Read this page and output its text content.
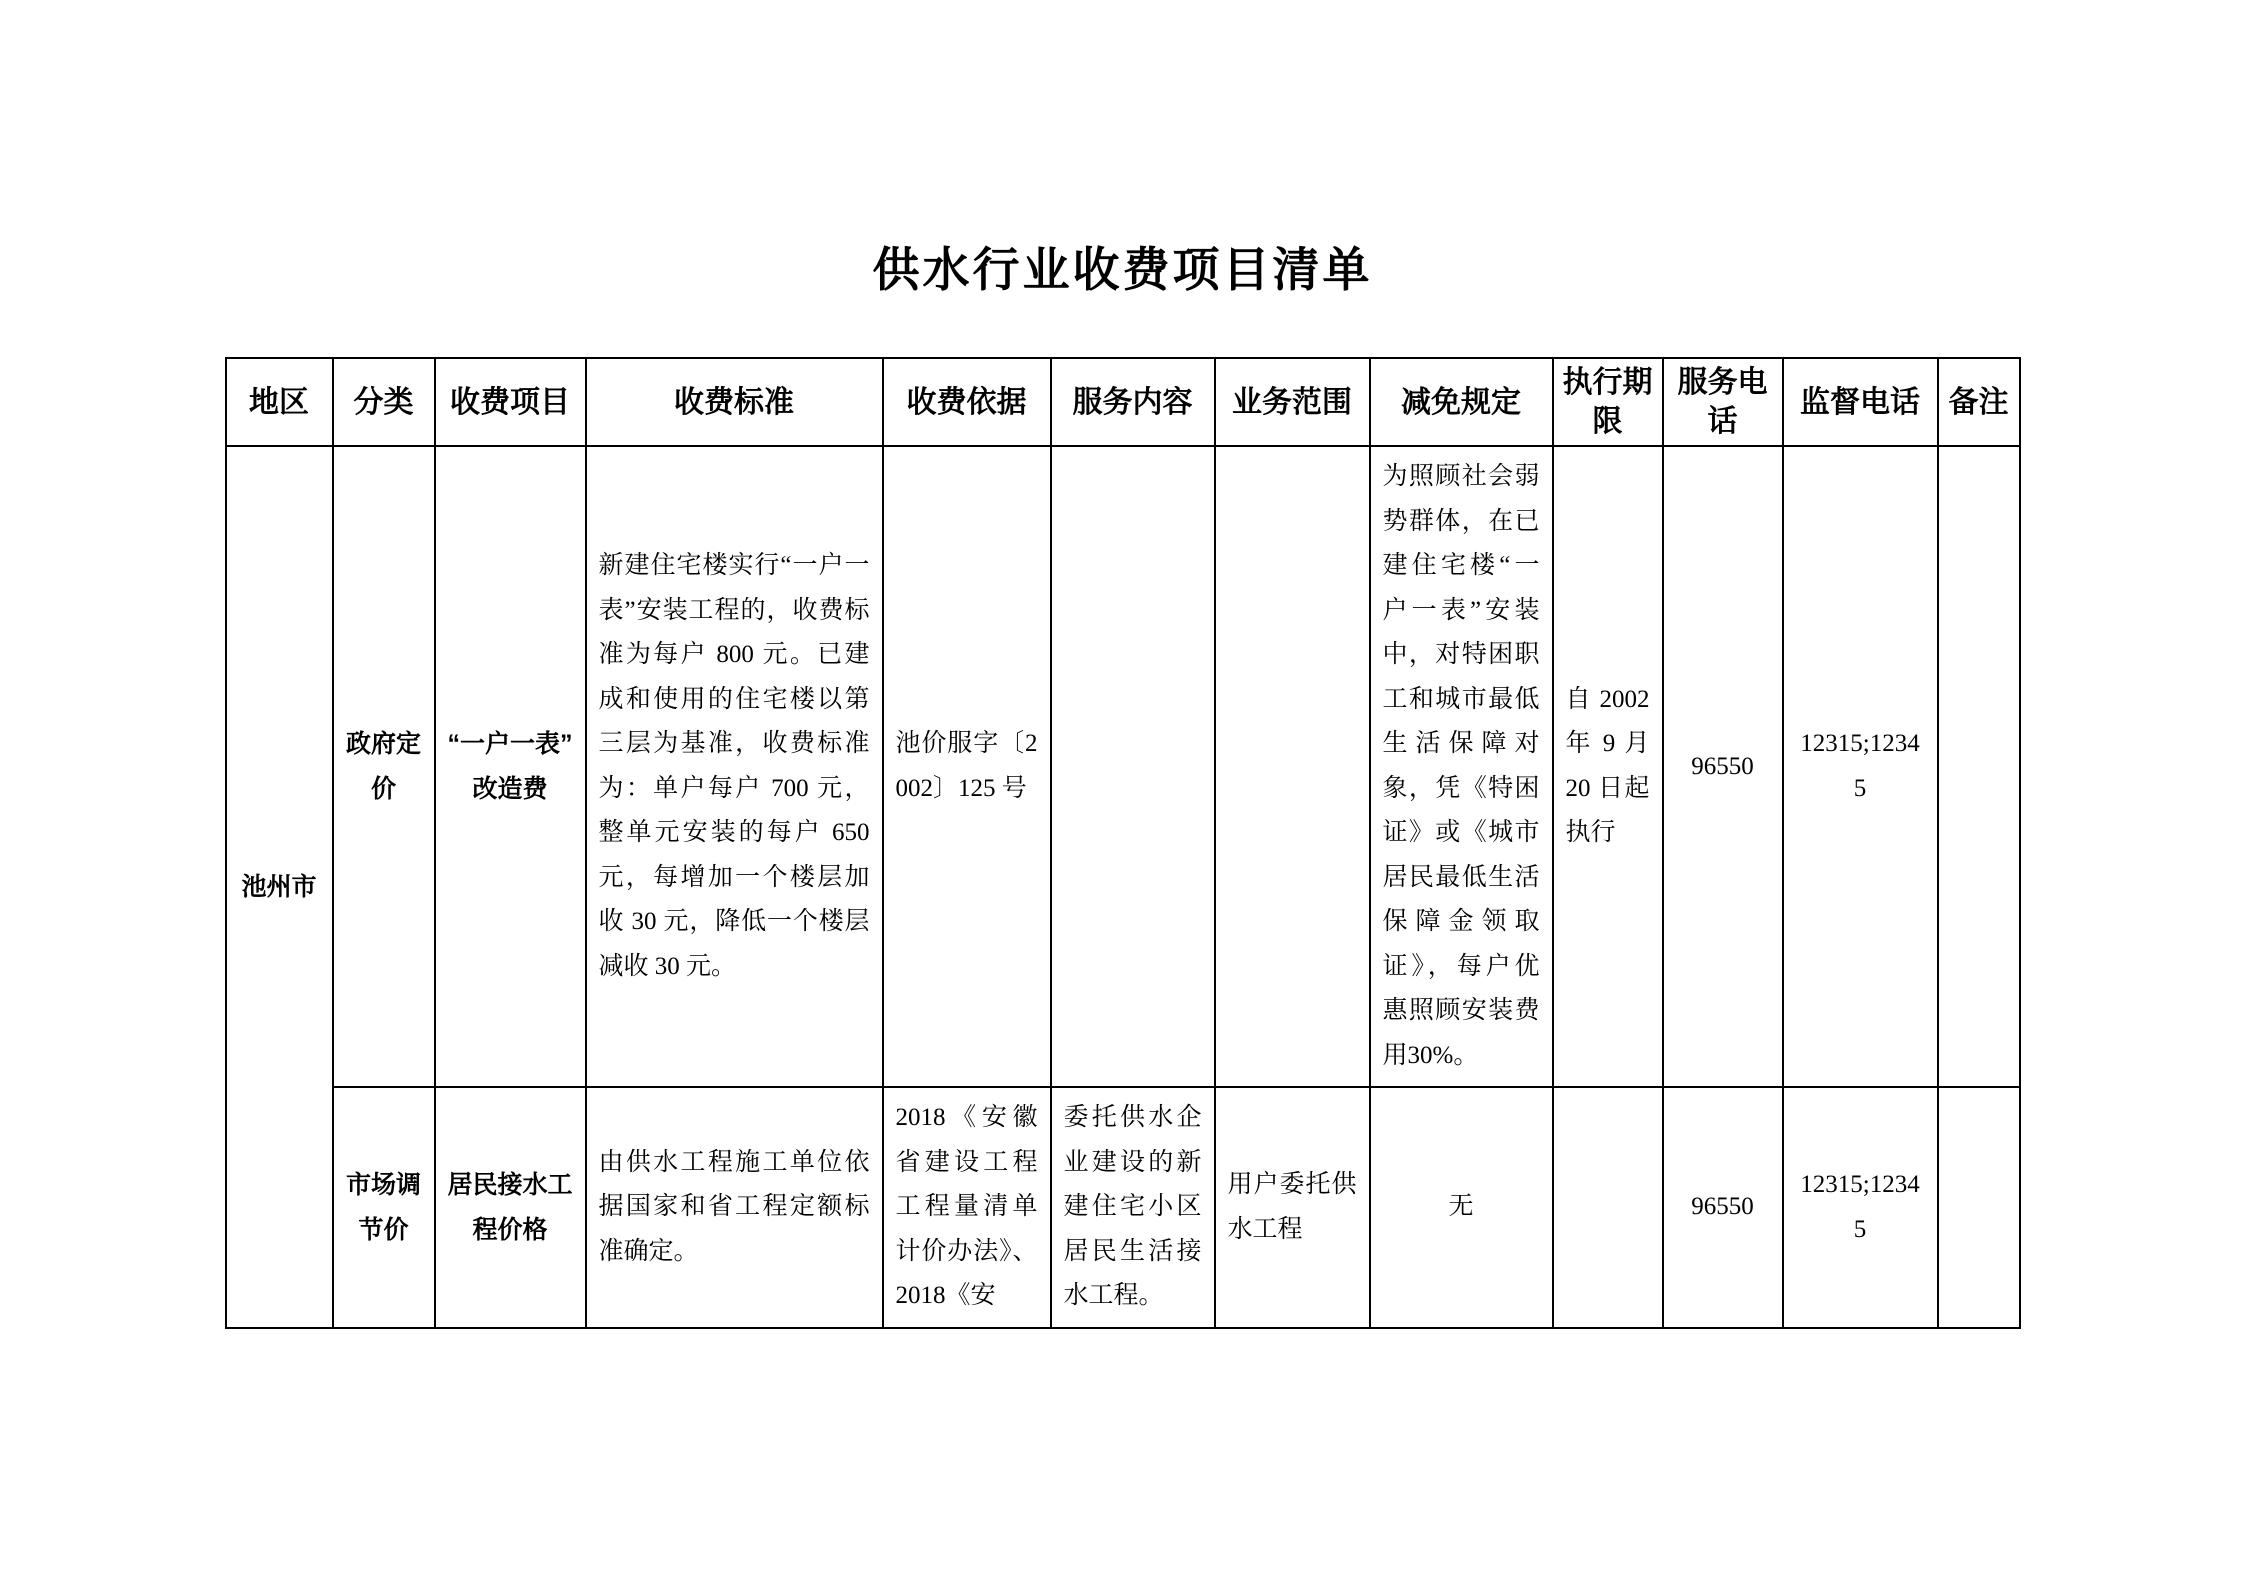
供水行业收费项目清单
地区	分类	收费项目	收费标准	收费依据	服务内容	业务范围	减免规定	执行期限	服务电话	监督电话	备注
池州市	政府定价	“一户一表”改造费	新建住宅楼实行“一户一表”安装工程的，收费标准为每户 800 元。已建成和使用的住宅楼以第三层为基准，收费标准为：单户每户 700 元，整单元安装的每户 650 元，每增加一个楼层加收 30 元，降低一个楼层减收 30 元。	池价服字〔2002〕125 号			为照顾社会弱势群体，在已建住宅楼“一户一表”安装中，对特困职工和城市最低生活保障对象，凭《特困证》或《城市居民最低生活保障金领取证》，每户优惠照顾安装费用30%。	自 2002 年 9 月 20 日起执行	96550	12315;12345	
	市场调节价	居民接水工程价格	由供水工程施工单位依据国家和省工程定额标准确定。	2018《安徽省建设工程工程量清单计价办法》、2018《安	委托供水企业建设的新建住宅小区居民生活接水工程。	用户委托供水工程	无		96550	12315;12345	
